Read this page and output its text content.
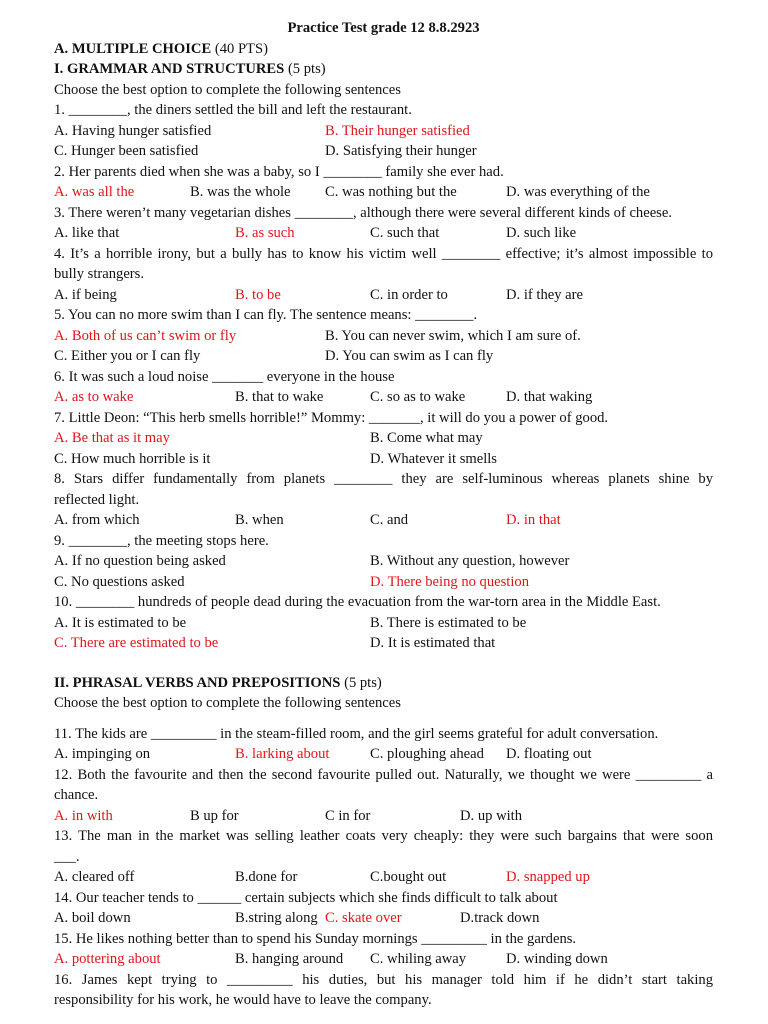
Practice Test grade 12 8.8.2923
A. MULTIPLE CHOICE (40 PTS)
I. GRAMMAR AND STRUCTURES (5 pts)
Choose the best option to complete the following sentences
1. ________, the diners settled the bill and left the restaurant.
A. Having hunger satisfied	B. Their hunger satisfied
C. Hunger been satisfied	D. Satisfying their hunger
2. Her parents died when she was a baby, so I ________ family she ever had.
A. was all the	B. was the whole C. was nothing but the	D. was everything of the
3. There weren’t many vegetarian dishes ________, although there were several different kinds of cheese.
A. like that	B. as such	C. such that	D. such like
4. It’s a horrible irony, but a bully has to know his victim well ________ effective; it’s almost impossible to
bully strangers.
A. if being	B. to be	C. in order to	D. if they are
5. You can no more swim than I can fly. The sentence means: ________.
A. Both of us can’t swim or fly	B. You can never swim, which I am sure of.
C. Either you or I can fly	D. You can swim as I can fly
6. It was such a loud noise _______ everyone in the house
A. as to wake	B. that to wake	C. so as to wake	D. that waking
7. Little Deon: “This herb smells horrible!” Mommy: _______, it will do you a power of good.
A. Be that as it may	B. Come what may
C. How much horrible is it	D. Whatever it smells
8. Stars differ fundamentally from planets ________ they are self-luminous whereas planets shine by
reflected light.
A. from which	B. when	C. and	D. in that
9. ________, the meeting stops here.
A. If no question being asked	B. Without any question, however
C. No questions asked	D. There being no question
10. ________ hundreds of people dead during the evacuation from the war-torn area in the Middle East.
A. It is estimated to be	B. There is estimated to be
C. There are estimated to be	D. It is estimated that
II. PHRASAL VERBS AND PREPOSITIONS (5 pts)
Choose the best option to complete the following sentences
11. The kids are _________ in the steam-filled room, and the girl seems grateful for adult conversation.
A. impinging on	B. larking about	C. ploughing ahead D. floating out
12. Both the favourite and then the second favourite pulled out. Naturally, we thought we were _________ a
chance.
A. in with	B up for	C in for	D. up with
13. The man in the market was selling leather coats very cheaply: they were such bargains that were soon
___.
A. cleared off	B.done for	C.bought out	D. snapped up
14. Our teacher tends to ______ certain subjects which she finds difficult to talk about
A. boil down	B.string along C. skate over	D.track down
15. He likes nothing better than to spend his Sunday mornings _________ in the gardens.
A. pottering about	B. hanging around C. whiling away	D. winding down
16. James kept trying to _________ his duties, but his manager told him if he didn’t start taking
responsibility for his work, he would have to leave the company.
